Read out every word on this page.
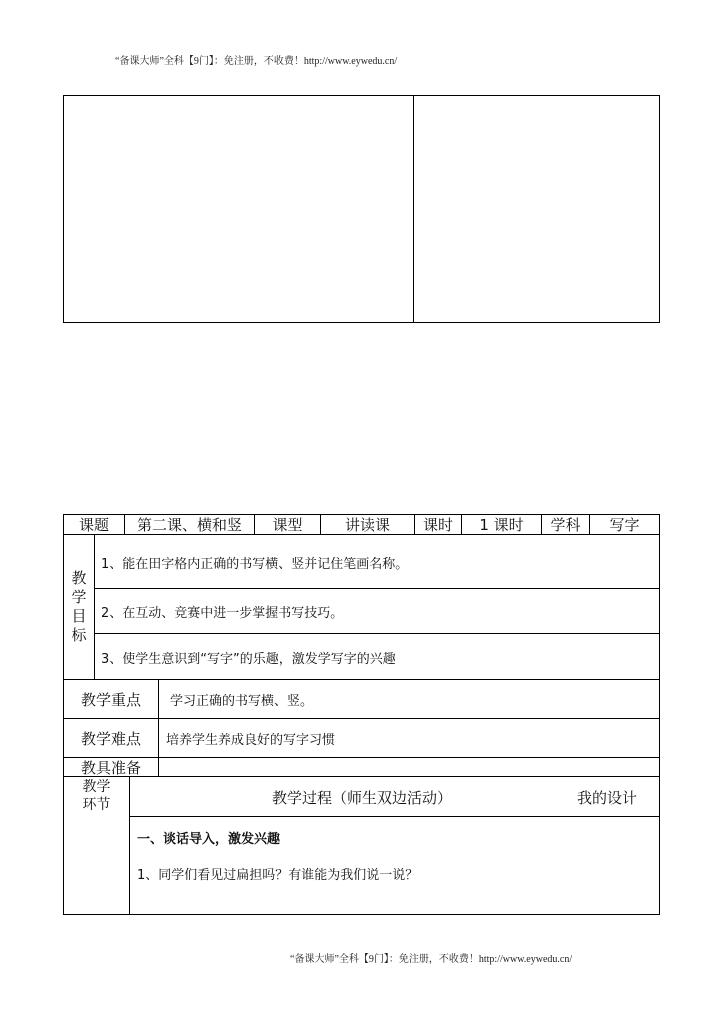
“备课大师”全科【9门】：免注册，不收费！http://www.eywedu.cn/
课题	第二课、横和竖	课型	讲读课	课时	1 课时	学科	写字
教学目标
1、能在田字格内正确的书写横、竖并记住笔画名称。
2、在互动、竞赛中进一步掌握书写技巧。
3、使学生意识到“写字”的乐趣，激发学写字的兴趣
教学重点	学习正确的书写横、竖。
教学难点	培养学生养成良好的写字习惯
教具准备
教学环节	教学过程（师生双边活动）	我的设计
一、谈话导入，激发兴趣
1、同学们看见过扁担吗？有谁能为我们说一说？
“备课大师”全科【9门】：免注册，不收费！http://www.eywedu.cn/
